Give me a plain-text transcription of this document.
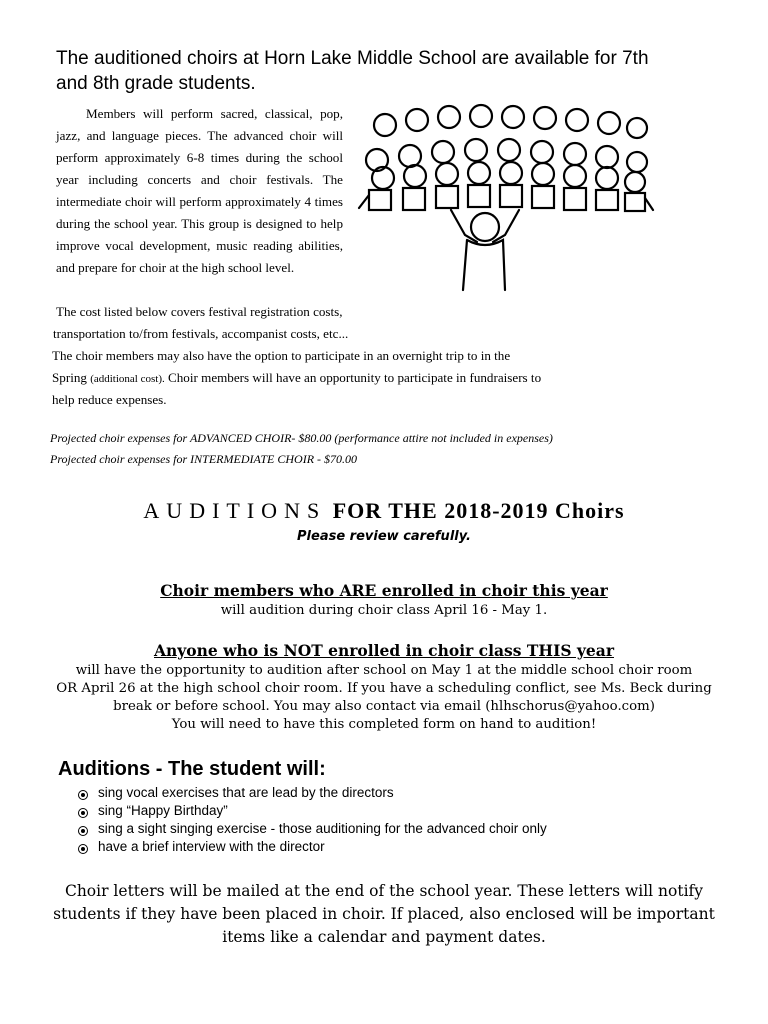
The auditioned choirs at Horn Lake Middle School are available for 7th and 8th grade students.
Members will perform sacred, classical, pop, jazz, and language pieces. The advanced choir will perform approximately 6-8 times during the school year including concerts and choir festivals. The intermediate choir will perform approximately 4 times during the school year. This group is designed to help improve vocal development, music reading abilities, and prepare for choir at the high school level.
The cost listed below covers festival registration costs,
transportation to/from festivals, accompanist costs, etc...
The choir members may also have the option to participate in an overnight trip to in the
Spring (additional cost). Choir members will have an opportunity to participate in fundraisers to
help reduce expenses.
Projected choir expenses for ADVANCED CHOIR- $80.00 (performance attire not included in expenses)
Projected choir expenses for INTERMEDIATE CHOIR - $70.00
AUDITIONS FOR THE 2018-2019 Choirs
Please review carefully.
Choir members who ARE enrolled in choir this year
will audition during choir class April 16 - May 1.
Anyone who is NOT enrolled in choir class THIS year
will have the opportunity to audition after school on May 1 at the middle school choir room
OR April 26 at the high school choir room. If you have a scheduling conflict, see Ms. Beck during
break or before school. You may also contact via email (hlhschorus@yahoo.com)
You will need to have this completed form on hand to audition!
Auditions - The student will:
sing vocal exercises that are lead by the directors
sing “Happy Birthday”
sing a sight singing exercise - those auditioning for the advanced choir only
have a brief interview with the director
Choir letters will be mailed at the end of the school year. These letters will notify students if they have been placed in choir. If placed, also enclosed will be important items like a calendar and payment dates.
